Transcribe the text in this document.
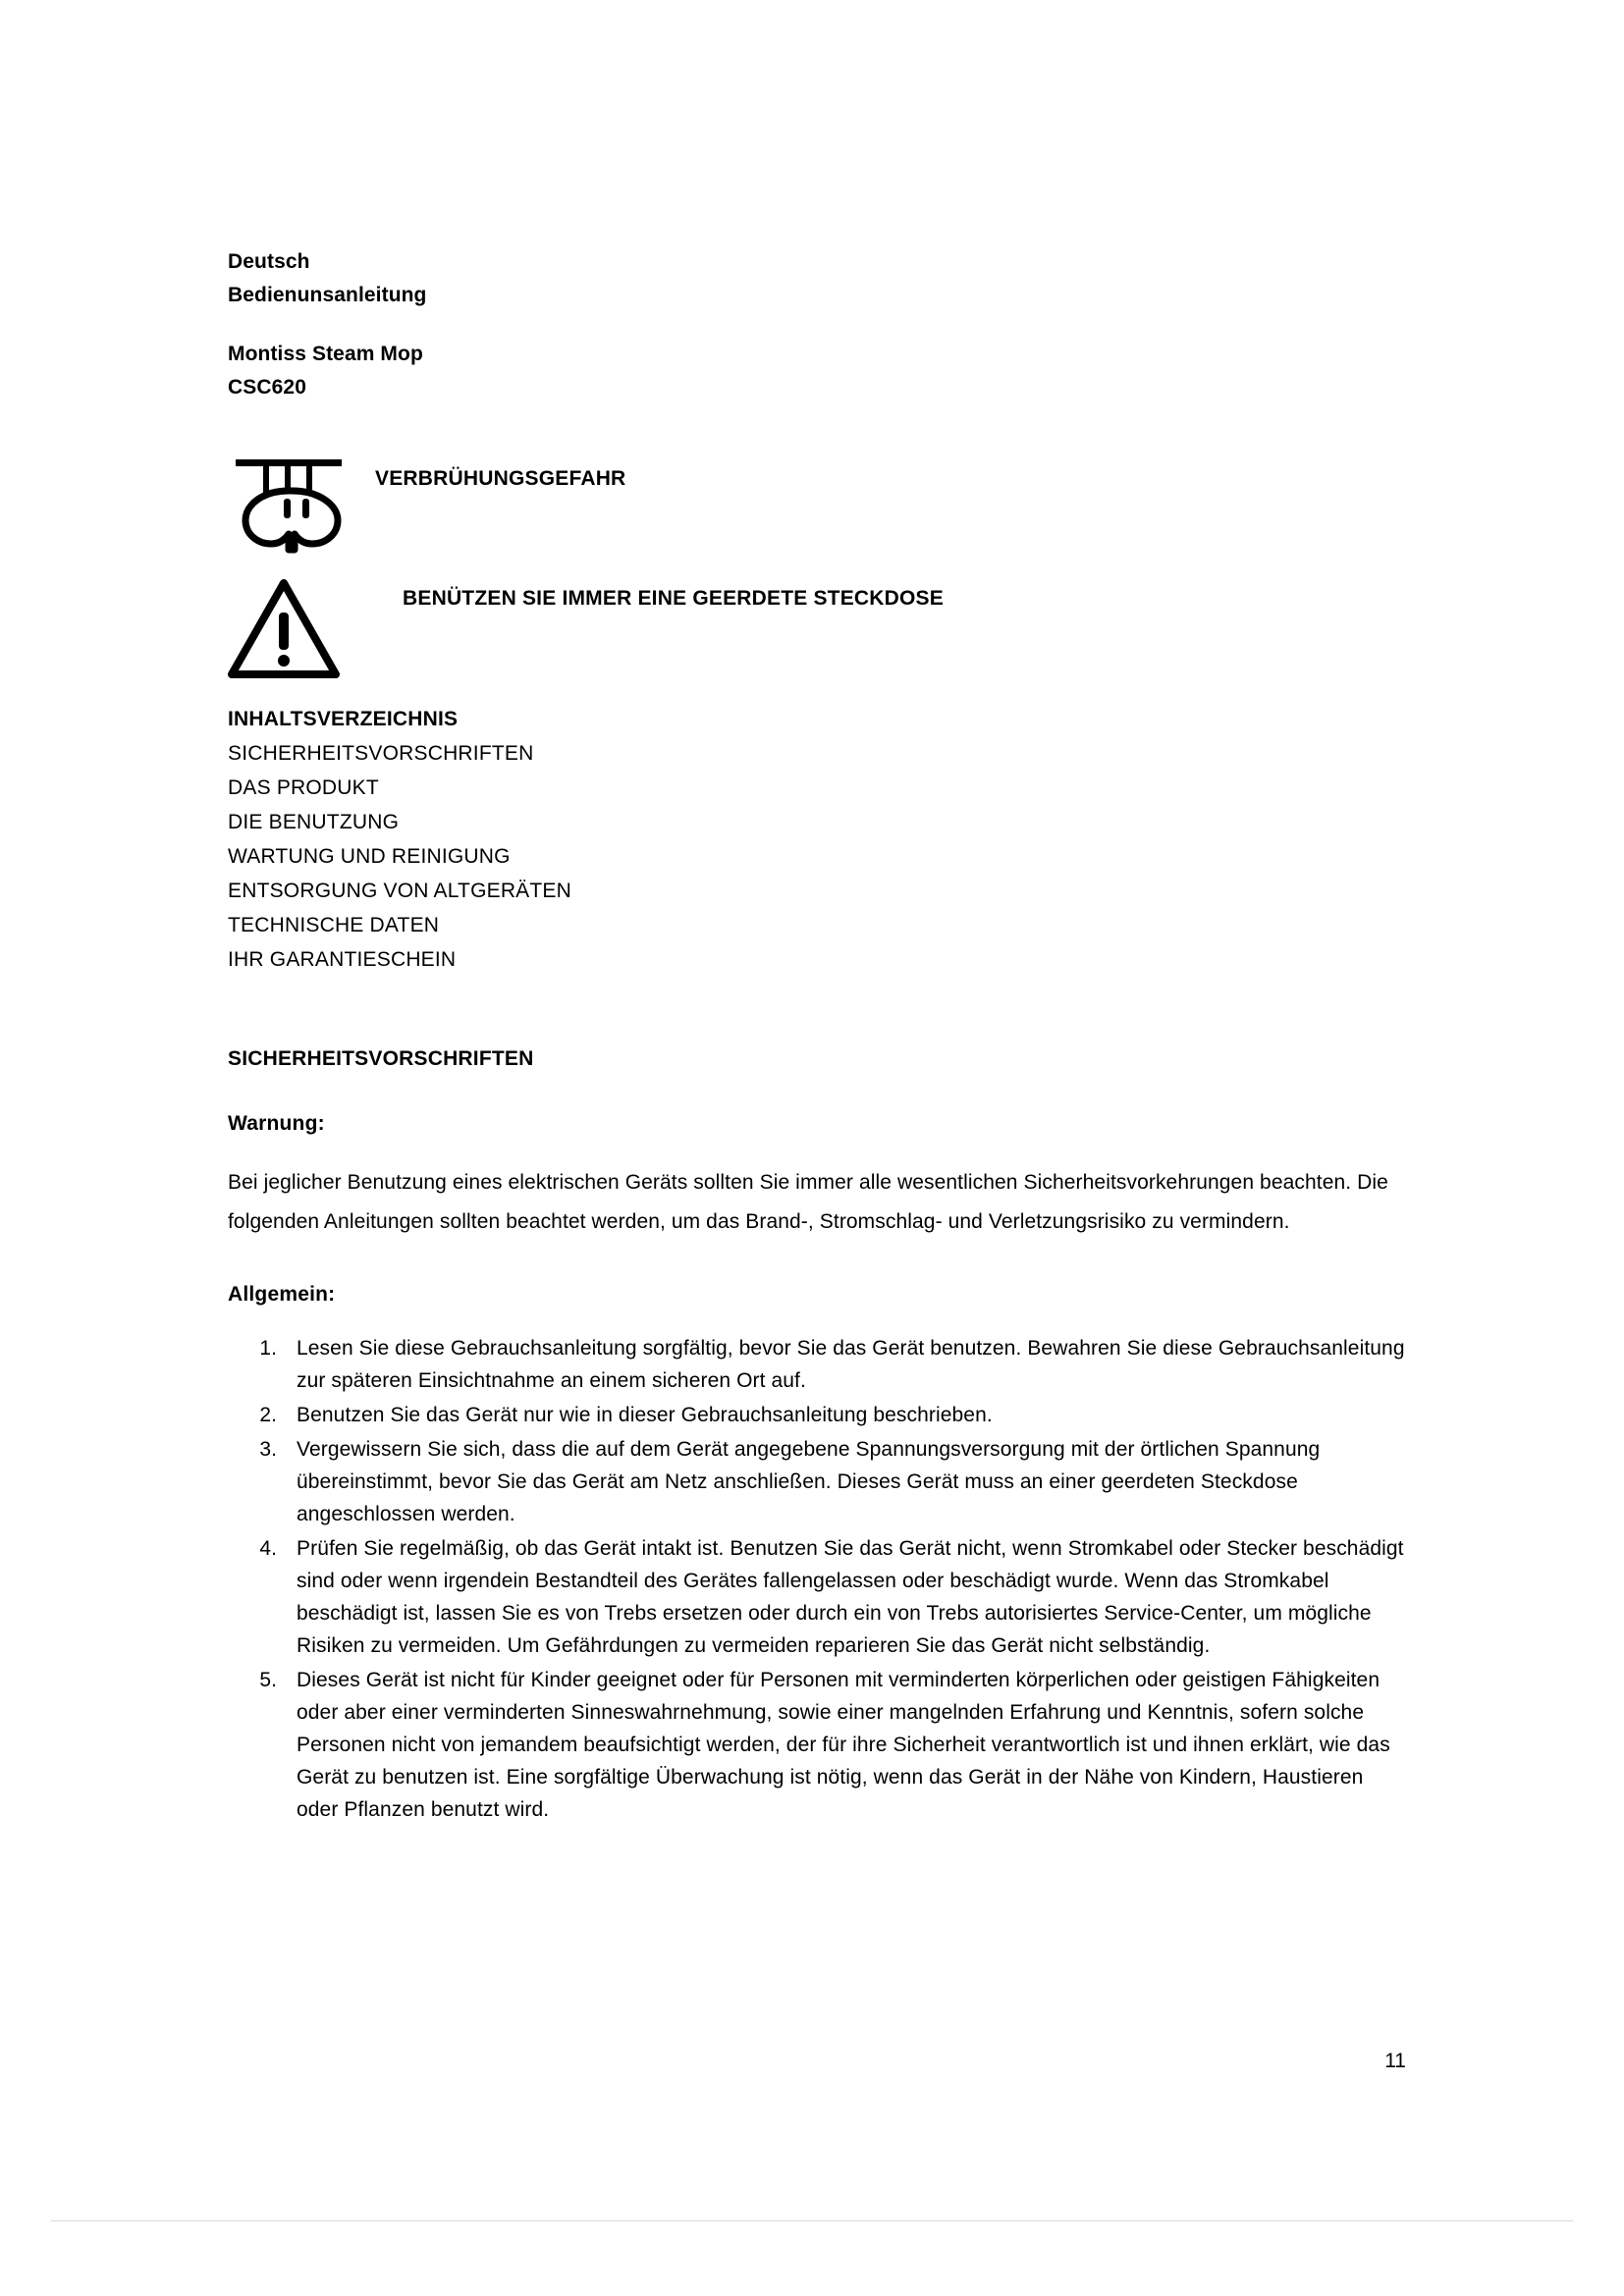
Deutsch
Bedienunsanleitung
Montiss Steam Mop
CSC620
VERBRÜHUNGSGEFAHR
BENÜTZEN SIE IMMER EINE GEERDETE STECKDOSE
INHALTSVERZEICHNIS
SICHERHEITSVORSCHRIFTEN
DAS PRODUKT
DIE BENUTZUNG
WARTUNG UND REINIGUNG
ENTSORGUNG VON ALTGERÄTEN
TECHNISCHE DATEN
IHR GARANTIESCHEIN
SICHERHEITSVORSCHRIFTEN
Warnung:
Bei jeglicher Benutzung eines elektrischen Geräts sollten Sie immer alle wesentlichen Sicherheitsvorkehrungen beachten. Die folgenden Anleitungen sollten beachtet werden, um das Brand-, Stromschlag- und Verletzungsrisiko zu vermindern.
Allgemein:
1. Lesen Sie diese Gebrauchsanleitung sorgfältig, bevor Sie das Gerät benutzen. Bewahren Sie diese Gebrauchsanleitung zur späteren Einsichtnahme an einem sicheren Ort auf.
2. Benutzen Sie das Gerät nur wie in dieser Gebrauchsanleitung beschrieben.
3. Vergewissern Sie sich, dass die auf dem Gerät angegebene Spannungsversorgung mit der örtlichen Spannung übereinstimmt, bevor Sie das Gerät am Netz anschließen. Dieses Gerät muss an einer geerdeten Steckdose angeschlossen werden.
4. Prüfen Sie regelmäßig, ob das Gerät intakt ist. Benutzen Sie das Gerät nicht, wenn Stromkabel oder Stecker beschädigt sind oder wenn irgendein Bestandteil des Gerätes fallengelassen oder beschädigt wurde. Wenn das Stromkabel beschädigt ist, lassen Sie es von Trebs ersetzen oder durch ein von Trebs autorisiertes Service-Center, um mögliche Risiken zu vermeiden. Um Gefährdungen zu vermeiden reparieren Sie das Gerät nicht selbständig.
5. Dieses Gerät ist nicht für Kinder geeignet oder für Personen mit verminderten körperlichen oder geistigen Fähigkeiten oder aber einer verminderten Sinneswahrnehmung, sowie einer mangelnden Erfahrung und Kenntnis, sofern solche Personen nicht von jemandem beaufsichtigt werden, der für ihre Sicherheit verantwortlich ist und ihnen erklärt, wie das Gerät zu benutzen ist. Eine sorgfältige Überwachung ist nötig, wenn das Gerät in der Nähe von Kindern, Haustieren oder Pflanzen benutzt wird.
11
